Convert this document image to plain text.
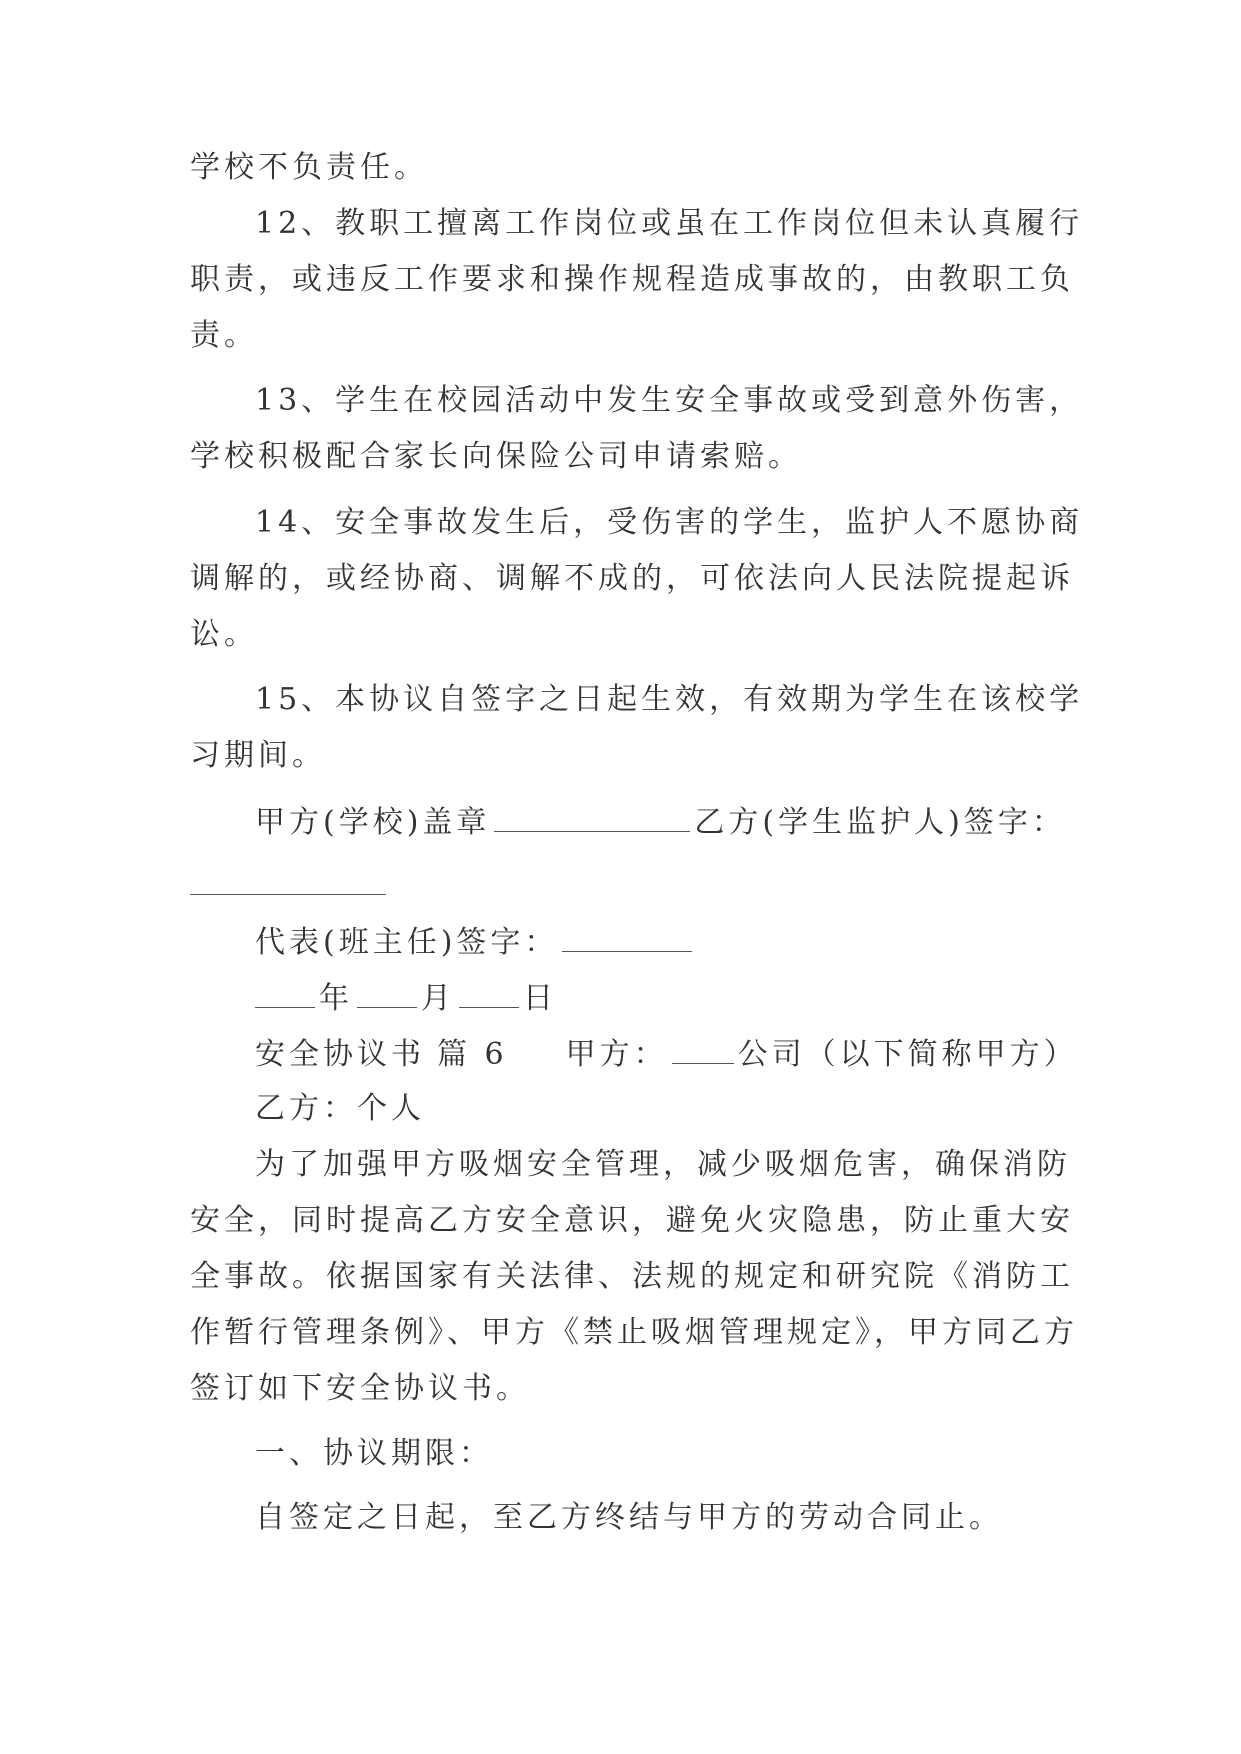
学校不负责任。
12、教职工擅离工作岗位或虽在工作岗位但未认真履行
职责，或违反工作要求和操作规程造成事故的，由教职工负
责。
13、学生在校园活动中发生安全事故或受到意外伤害，
学校积极配合家长向保险公司申请索赔。
14、安全事故发生后，受伤害的学生，监护人不愿协商
调解的，或经协商、调解不成的，可依法向人民法院提起诉
讼。
15、本协议自签字之日起生效，有效期为学生在该校学
习期间。
甲方(学校)盖章	乙方(学生监护人)签字：
代表(班主任)签字：
年 月 日
安全协议书 篇 6 甲方： 公司（以下简称甲方）
乙方：个人
为了加强甲方吸烟安全管理，减少吸烟危害，确保消防
安全，同时提高乙方安全意识，避免火灾隐患，防止重大安
全事故。依据国家有关法律、法规的规定和研究院《消防工
作暂行管理条例》、甲方《禁止吸烟管理规定》，甲方同乙方
签订如下安全协议书。
一、协议期限：
自签定之日起，至乙方终结与甲方的劳动合同止。
